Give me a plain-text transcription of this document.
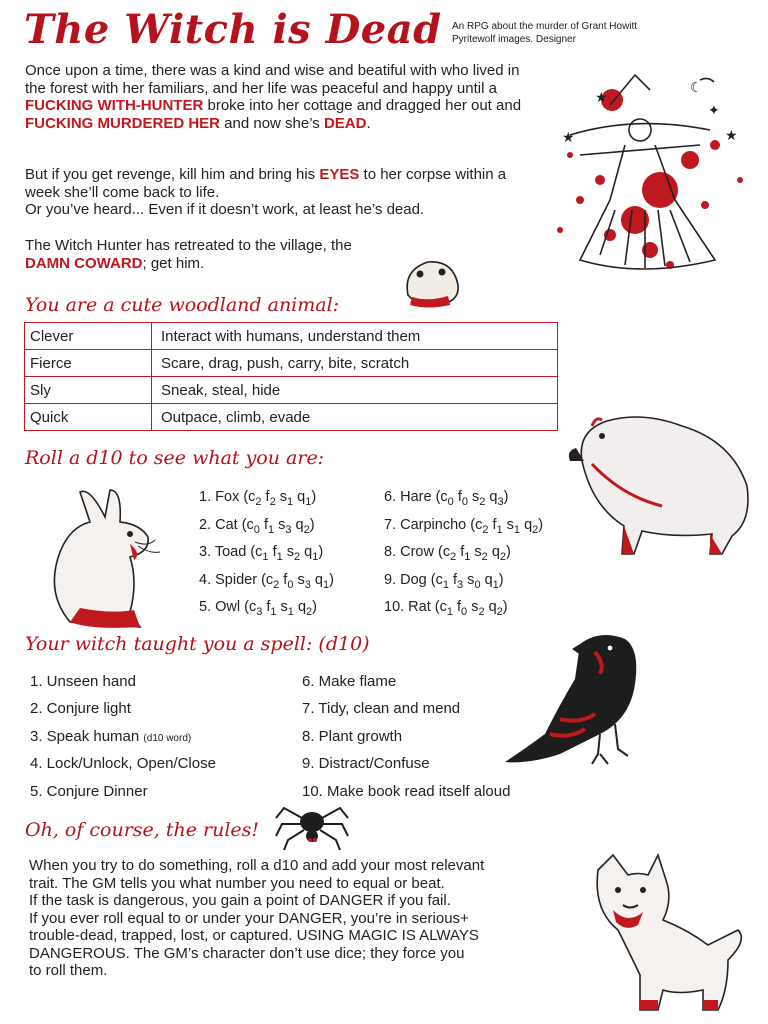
The Witch is Dead An RPG about the murder of Grant Howitt
Pyritewolf images. Designer
Once upon a time, there was a kind and wise and beatiful with who lived in the forest with her familiars, and her life was peaceful and happy until a FUCKING WITH-HUNTER broke into her cottage and dragged her out and FUCKING MURDERED HER and now she’s DEAD.
But if you get revenge, kill him and bring his EYES to her corpse within a week she’ll come back to life.
Or you’ve heard... Even if it doesn’t work, at least he’s dead.
The Witch Hunter has retreated to the village, the
DAMN COWARD; get him.
★
★	★
☾
✦
You are a cute woodland animal:
Clever	Interact with humans, understand them
Fierce	Scare, drag, push, carry, bite, scratch
Sly	Sneak, steal, hide
Quick	Outpace, climb, evade
Roll a d10 to see what you are:
1. Fox ($c_2$ $f_2$ $s_1$ $q_1$)
2. Cat ($c_0$ $f_1$ $s_3$ $q_2$)
3. Toad ($c_1$ $f_1$ $s_2$ $q_1$)
4. Spider ($c_2$ $f_0$ $s_3$ $q_1$)
5. Owl ($c_3$ $f_1$ $s_1$ $q_2$)
6. Hare ($c_0$ $f_0$ $s_2$ $q_3$)
7. Carpincho ($c_2$ $f_1$ $s_1$ $q_2$)
8. Crow ($c_2$ $f_1$ $s_2$ $q_2$)
9. Dog ($c_1$ $f_3$ $s_0$ $q_1$)
10. Rat ($c_1$ $f_0$ $s_2$ $q_2$)
Your witch taught you a spell: (d10)
1. Unseen hand
2. Conjure light
3. Speak human (d10 word)
4. Lock/Unlock, Open/Close
5. Conjure Dinner
6. Make flame
7. Tidy, clean and mend
8. Plant growth
9. Distract/Confuse
10. Make book read itself aloud
Oh, of course, the rules!
When you try to do something, roll a d10 and add your most relevant
trait. The GM tells you what number you need to equal or beat.
If the task is dangerous, you gain a point of DANGER if you fail.
If you ever roll equal to or under your DANGER, you’re in serious+
trouble-dead, trapped, lost, or captured. USING MAGIC IS ALWAYS
DANGEROUS. The GM’s character don’t use dice; they force you
to roll them.
